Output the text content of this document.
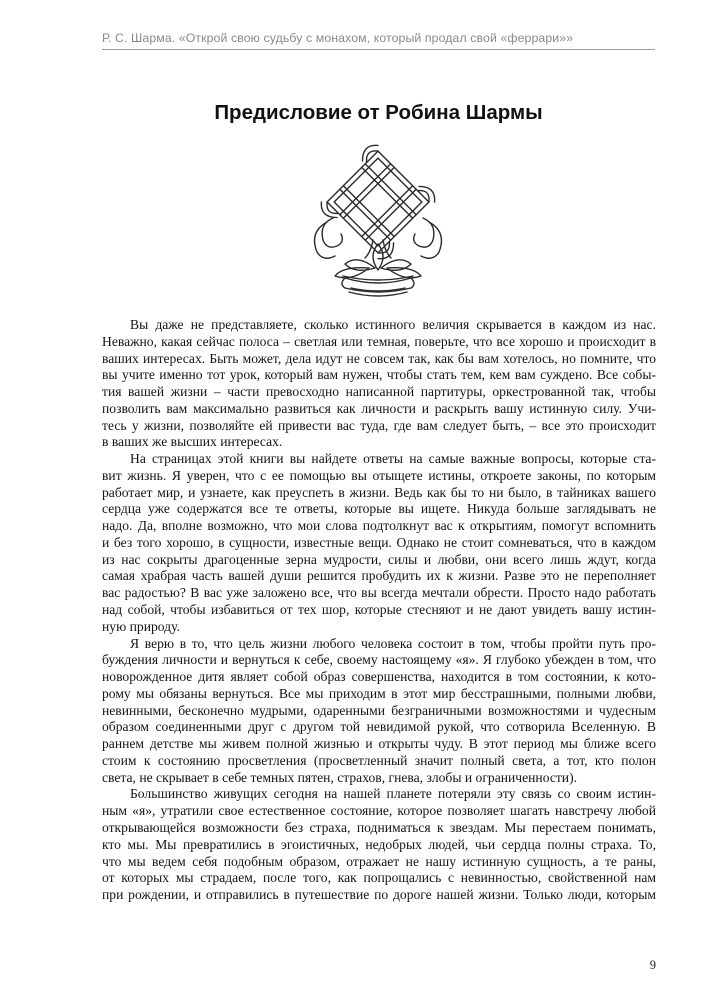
Р. С. Шарма. «Открой свою судьбу с монахом, который продал свой «феррари»»
Предисловие от Робина Шармы

Вы даже не представляете, сколько истинного величия скрывается в каждом из нас.
Неважно, какая сейчас полоса – светлая или темная, поверьте, что все хорошо и происходит в
ваших интересах. Быть может, дела идут не совсем так, как бы вам хотелось, но помните, что
вы учите именно тот урок, который вам нужен, чтобы стать тем, кем вам суждено. Все собы-
тия вашей жизни – части превосходно написанной партитуры, оркестрованной так, чтобы
позволить вам максимально развиться как личности и раскрыть вашу истинную силу. Учи-
тесь у жизни, позволяйте ей привести вас туда, где вам следует быть, – все это происходит
в ваших же высших интересах.

На страницах этой книги вы найдете ответы на самые важные вопросы, которые ста-
вит жизнь. Я уверен, что с ее помощью вы отыщете истины, откроете законы, по которым
работает мир, и узнаете, как преуспеть в жизни. Ведь как бы то ни было, в тайниках вашего
сердца уже содержатся все те ответы, которые вы ищете. Никуда больше заглядывать не
надо. Да, вполне возможно, что мои слова подтолкнут вас к открытиям, помогут вспомнить
и без того хорошо, в сущности, известные вещи. Однако не стоит сомневаться, что в каждом
из нас сокрыты драгоценные зерна мудрости, силы и любви, они всего лишь ждут, когда
самая храбрая часть вашей души решится пробудить их к жизни. Разве это не переполняет
вас радостью? В вас уже заложено все, что вы всегда мечтали обрести. Просто надо работать
над собой, чтобы избавиться от тех шор, которые стесняют и не дают увидеть вашу истин-
ную природу.

Я верю в то, что цель жизни любого человека состоит в том, чтобы пройти путь про-
буждения личности и вернуться к себе, своему настоящему «я». Я глубоко убежден в том, что
новорожденное дитя являет собой образ совершенства, находится в том состоянии, к кото-
рому мы обязаны вернуться. Все мы приходим в этот мир бесстрашными, полными любви,
невинными, бесконечно мудрыми, одаренными безграничными возможностями и чудесным
образом соединенными друг с другом той невидимой рукой, что сотворила Вселенную. В
раннем детстве мы живем полной жизнью и открыты чуду. В этот период мы ближе всего
стоим к состоянию просветления (просветленный значит полный света, а тот, кто полон
света, не скрывает в себе темных пятен, страхов, гнева, злобы и ограниченности).

Большинство живущих сегодня на нашей планете потеряли эту связь со своим истин-
ным «я», утратили свое естественное состояние, которое позволяет шагать навстречу любой
открывающейся возможности без страха, подниматься к звездам. Мы перестаем понимать,
кто мы. Мы превратились в эгоистичных, недобрых людей, чьи сердца полны страха. То,
что мы ведем себя подобным образом, отражает не нашу истинную сущность, а те раны,
от которых мы страдаем, после того, как попрощались с невинностью, свойственной нам
при рождении, и отправились в путешествие по дороге нашей жизни. Только люди, которым

9
